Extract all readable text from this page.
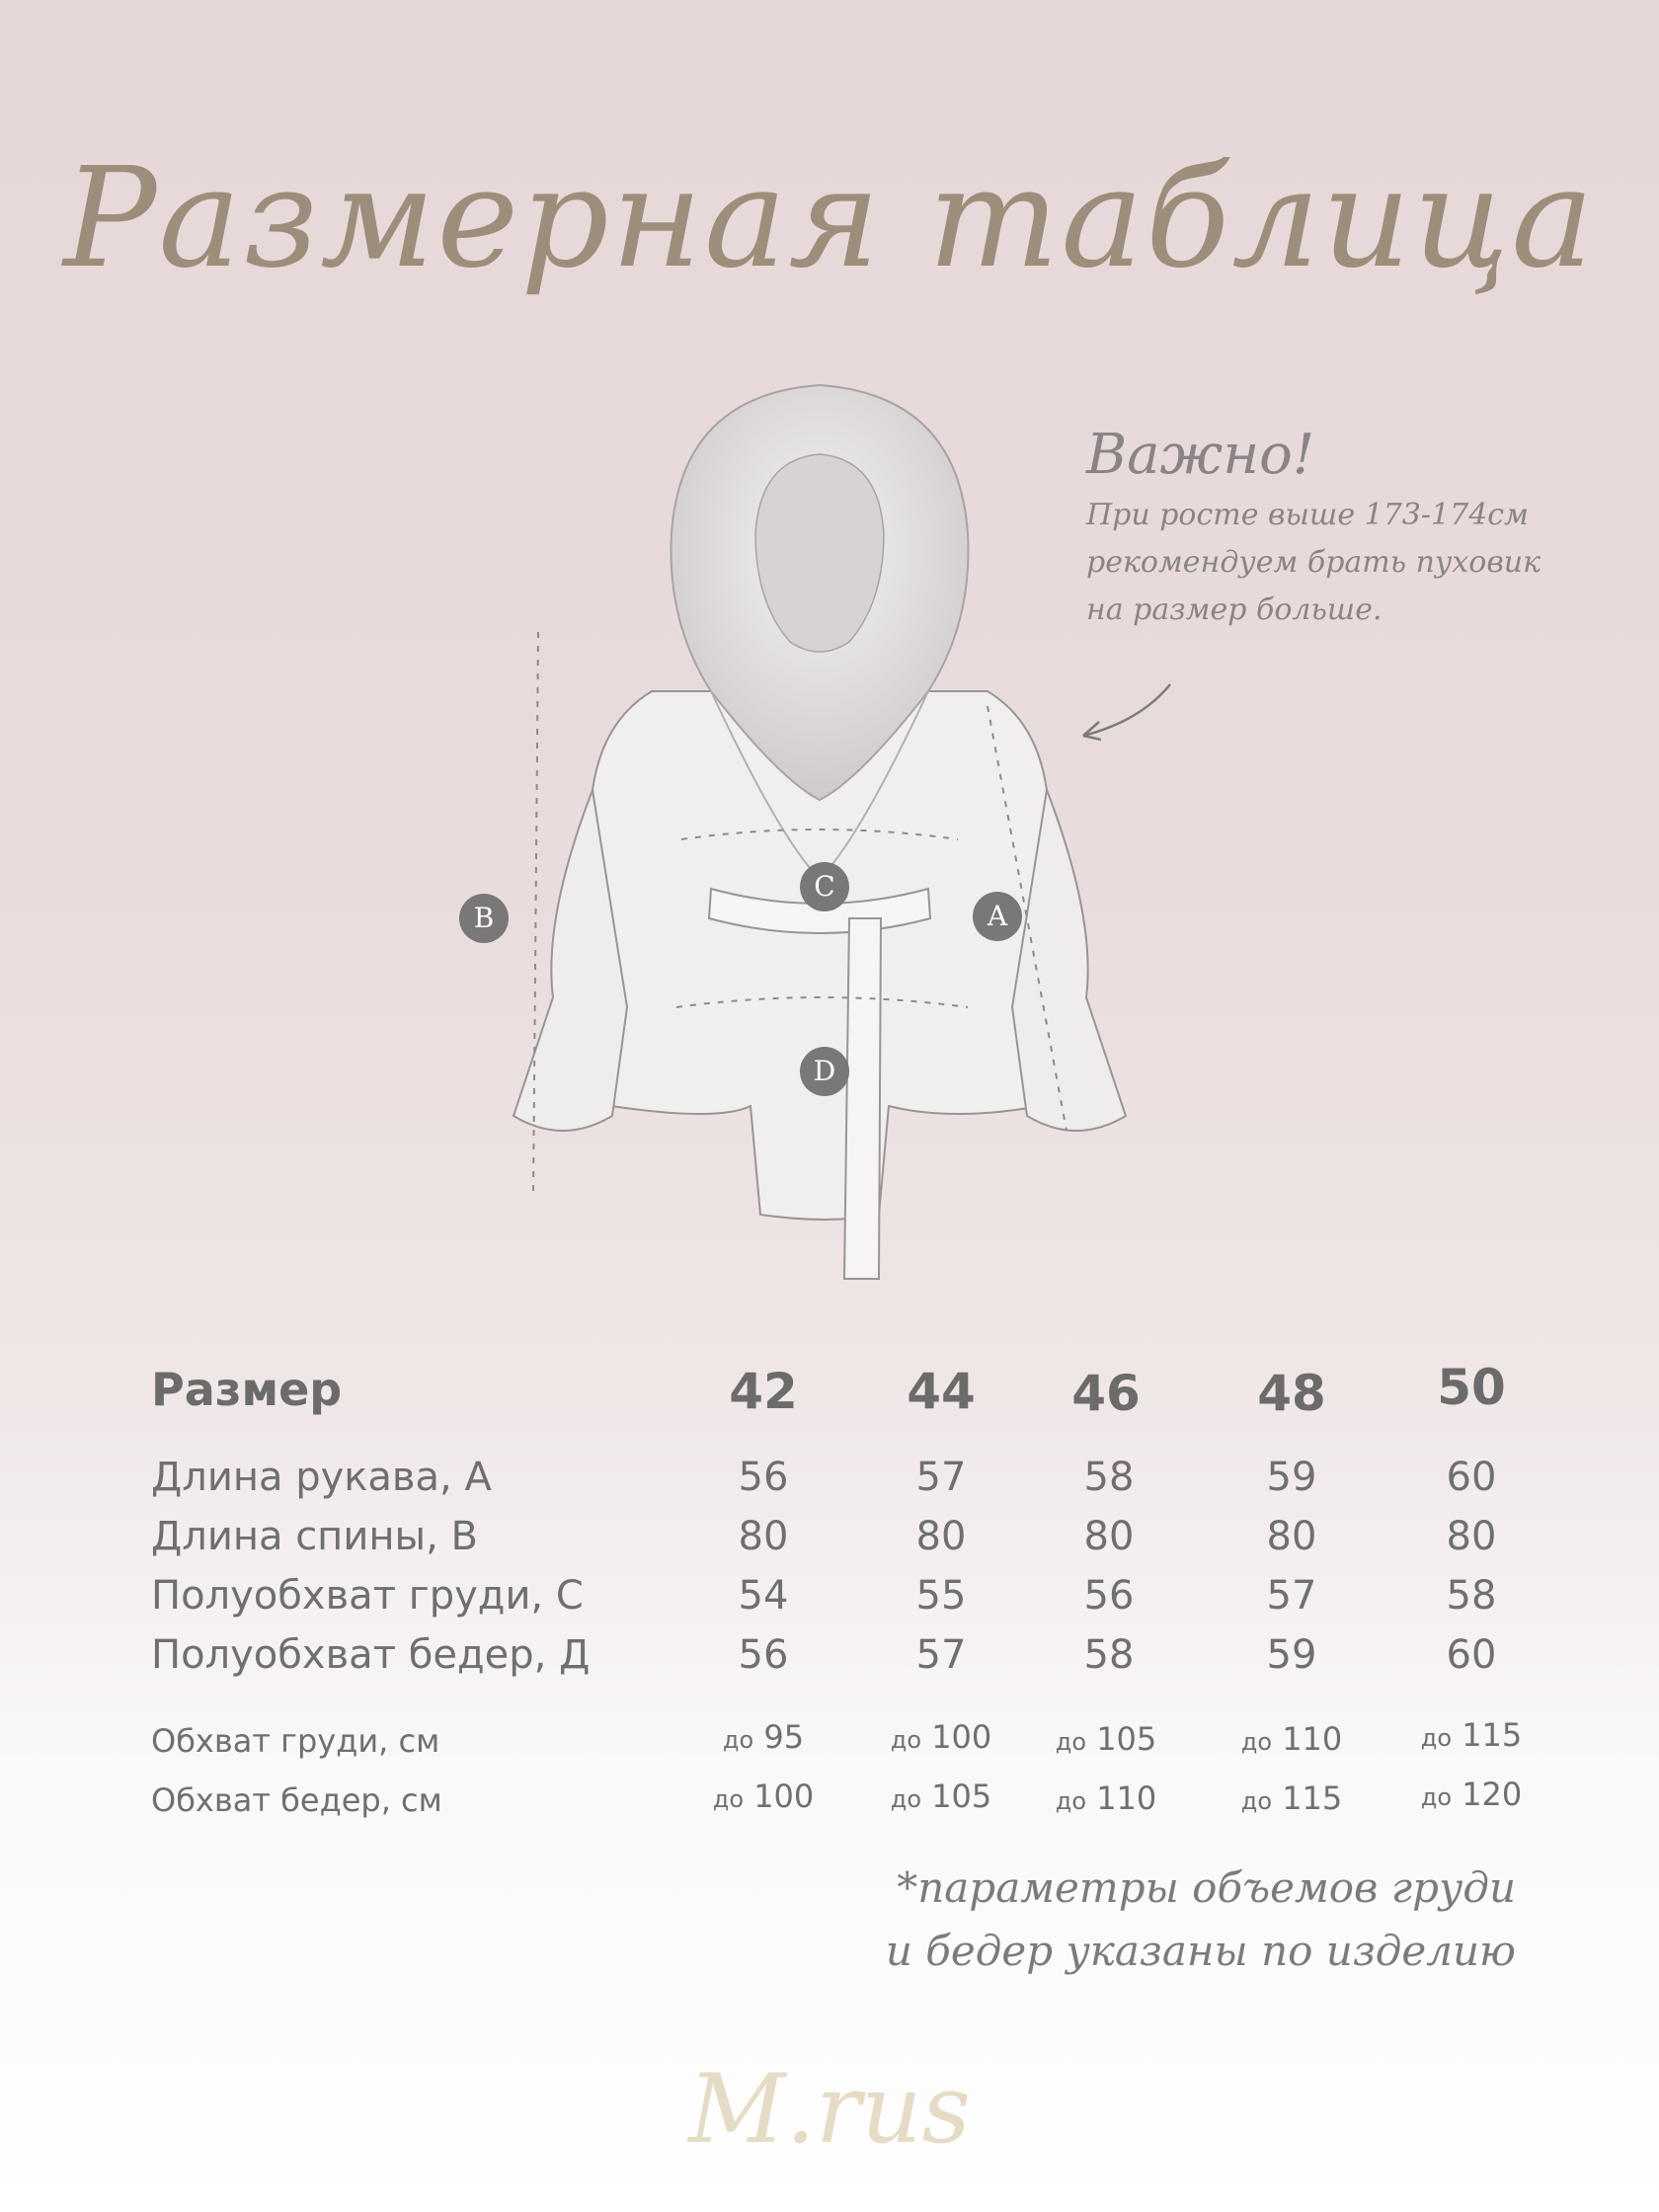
Размерная таблица
Важно!
При росте выше 173-174см
рекомендуем брать пуховик
на размер больше.
A
B
C
D
Размер	42	44	46	48	50
Длина рукава, А	56	57	58	59	60
Длина спины, В	80	80	80	80	80
Полуобхват груди, С	54	55	56	57	58
Полуобхват бедер, Д	56	57	58	59	60
Обхват груди, см	до 95	до 100	до 105	до 110	до 115
Обхват бедер, см	до 100	до 105	до 110	до 115	до 120
*параметры объемов груди
и бедер указаны по изделию
M.rus
